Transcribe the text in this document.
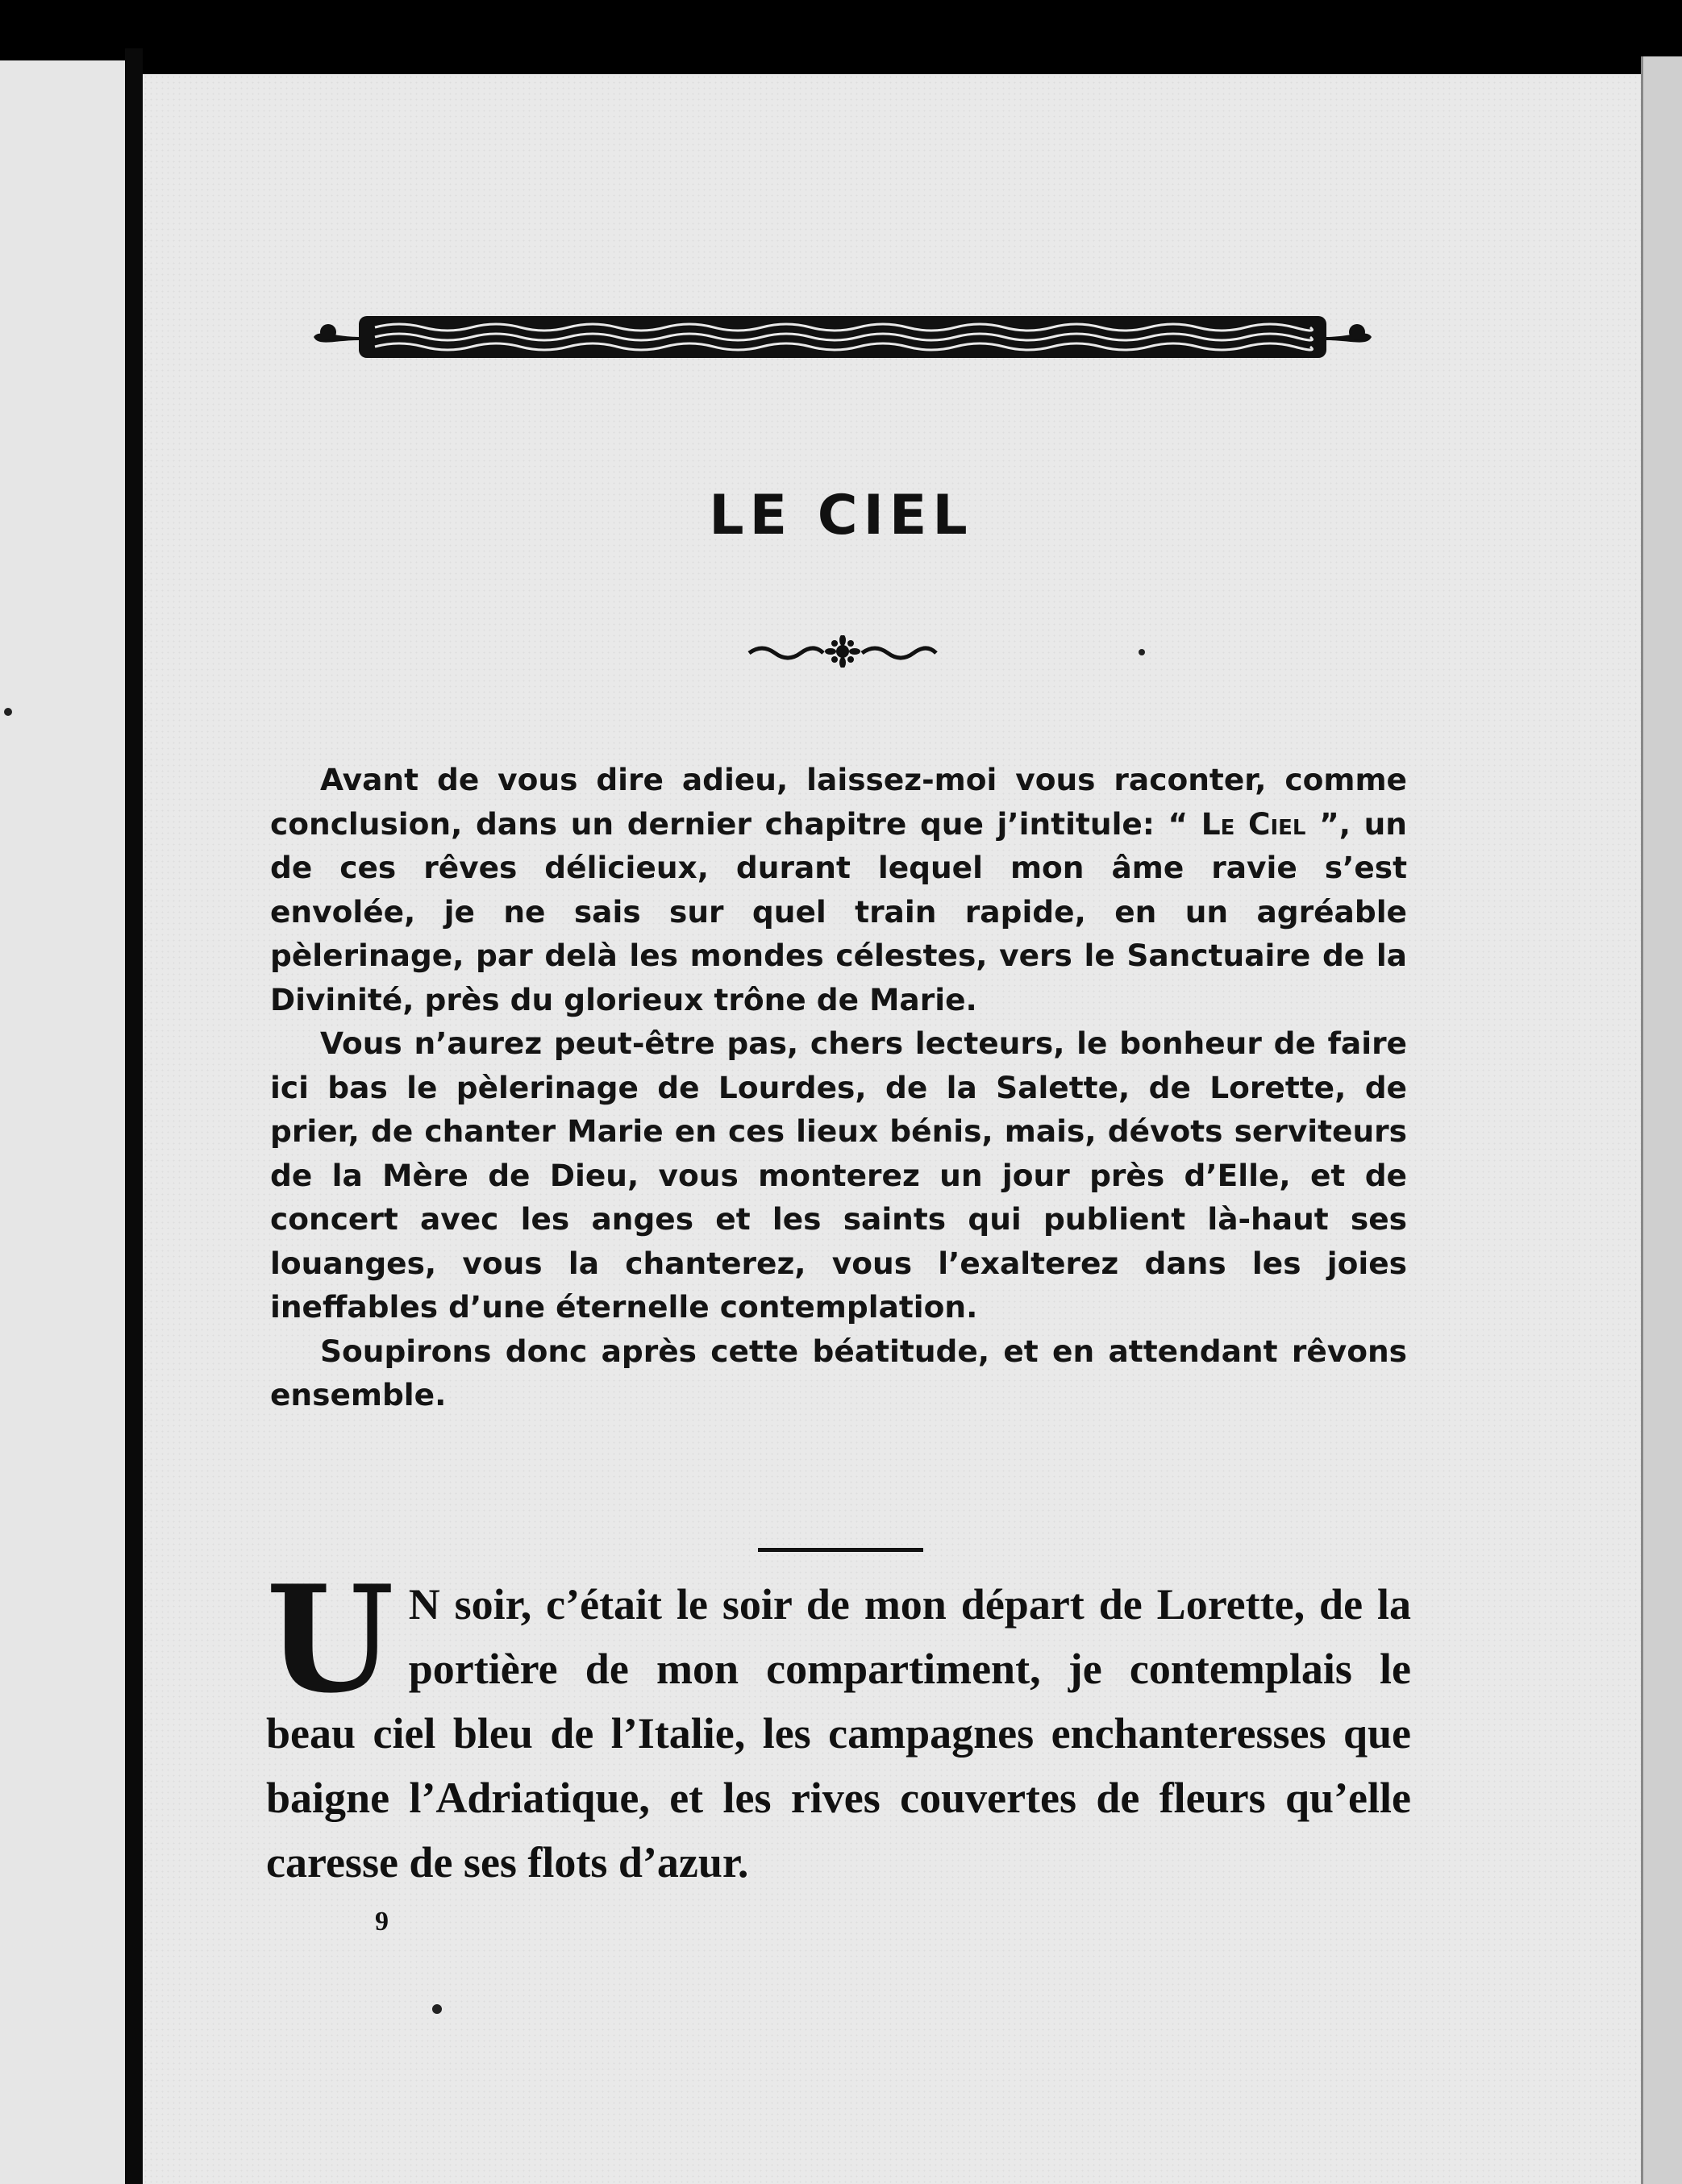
LE CIEL

Avant de vous dire adieu, laissez-moi vous raconter, comme conclusion, dans un dernier chapitre que j’intitule: “ Le Ciel ”, un de ces rêves délicieux, durant lequel mon âme ravie s’est envolée, je ne sais sur quel train rapide, en un agréable pèlerinage, par delà les mondes célestes, vers le Sanctuaire de la Divinité, près du glorieux trône de Marie.

Vous n’aurez peut-être pas, chers lecteurs, le bonheur de faire ici bas le pèlerinage de Lourdes, de la Salette, de Lorette, de prier, de chanter Marie en ces lieux bénis, mais, dévots serviteurs de la Mère de Dieu, vous monterez un jour près d’Elle, et de concert avec les anges et les saints qui publient là-haut ses louanges, vous la chanterez, vous l’exalterez dans les joies ineffables d’une éternelle contemplation.

Soupirons donc après cette béatitude, et en attendant rêvons ensemble.

U N soir, c’était le soir de mon départ de Lorette, de la portière de mon compartiment, je contemplais le beau ciel bleu de l’Italie, les campagnes enchanteresses que baigne l’Adriatique, et les rives couvertes de fleurs qu’elle caresse de ses flots d’azur.
9
